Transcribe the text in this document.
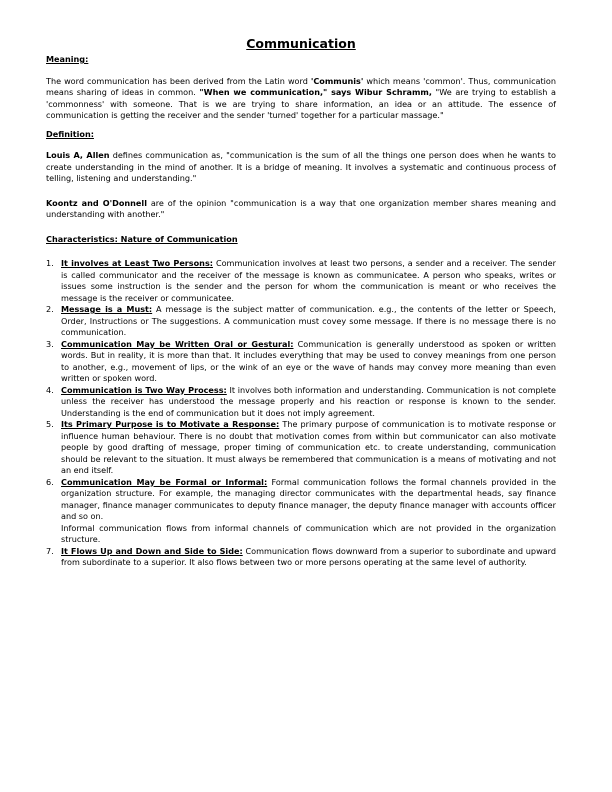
Communication
Meaning:

The word communication has been derived from the Latin word 'Communis' which means 'common'. Thus, communication means sharing of ideas in common. "When we communication," says Wibur Schramm, "We are trying to establish a 'commonness' with someone. That is we are trying to share information, an idea or an attitude. The essence of communication is getting the receiver and the sender 'turned' together for a particular massage."

Definition:

Louis A, Allen defines communication as, "communication is the sum of all the things one person does when he wants to create understanding in the mind of another. It is a bridge of meaning. It involves a systematic and continuous process of telling, listening and understanding."

Koontz and O'Donnell are of the opinion "communication is a way that one organization member shares meaning and understanding with another."

Characteristics: Nature of Communication
1. It involves at Least Two Persons: Communication involves at least two persons, a sender and a receiver. The sender is called communicator and the receiver of the message is known as communicatee. A person who speaks, writes or issues some instruction is the sender and the person for whom the communication is meant or who receives the message is the receiver or communicatee.
2. Message is a Must: A message is the subject matter of communication. e.g., the contents of the letter or Speech, Order, Instructions or The suggestions. A communication must covey some message. If there is no message there is no communication.
3. Communication May be Written Oral or Gestural: Communication is generally understood as spoken or written words. But in reality, it is more than that. It includes everything that may be used to convey meanings from one person to another, e.g., movement of lips, or the wink of an eye or the wave of hands may convey more meaning than even written or spoken word.
4. Communication is Two Way Process: It involves both information and understanding. Communication is not complete unless the receiver has understood the message properly and his reaction or response is known to the sender. Understanding is the end of communication but it does not imply agreement.
5. Its Primary Purpose is to Motivate a Response: The primary purpose of communication is to motivate response or influence human behaviour. There is no doubt that motivation comes from within but communicator can also motivate people by good drafting of message, proper timing of communication etc. to create understanding, communication should be relevant to the situation. It must always be remembered that communication is a means of motivating and not an end itself.
6. Communication May be Formal or Informal: Formal communication follows the formal channels provided in the organization structure. For example, the managing director communicates with the departmental heads, say finance manager, finance manager communicates to deputy finance manager, the deputy finance manager with accounts officer and so on.
Informal communication flows from informal channels of communication which are not provided in the organization structure.
7. It Flows Up and Down and Side to Side: Communication flows downward from a superior to subordinate and upward from subordinate to a superior. It also flows between two or more persons operating at the same level of authority.
